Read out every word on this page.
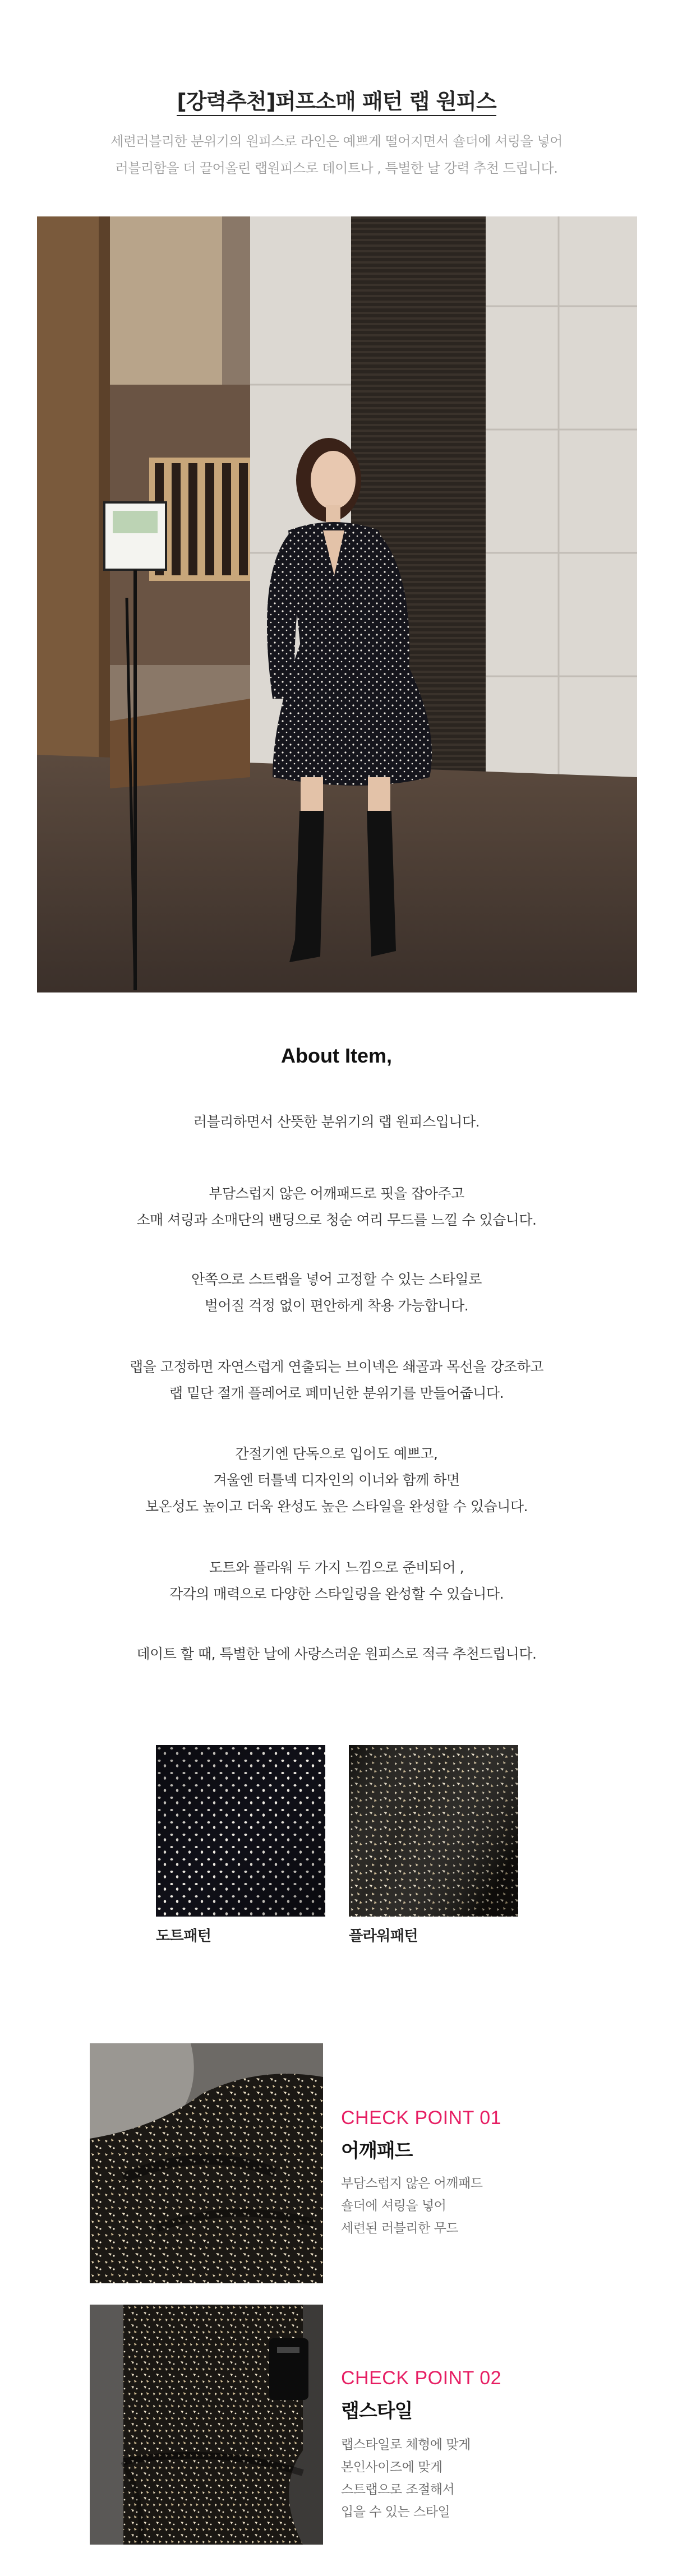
[강력추천]퍼프소매 패턴 랩 원피스
세련러블리한 분위기의 원피스로 라인은 예쁘게 떨어지면서 숄더에 셔링을 넣어
러블리함을 더 끌어올린 랩원피스로 데이트나 , 특별한 날 강력 추천 드립니다.
About Item,
러블리하면서 산뜻한 분위기의 랩 원피스입니다.
부담스럽지 않은 어깨패드로 핏을 잡아주고
소매 셔링과 소매단의 밴딩으로 청순 여리 무드를 느낄 수 있습니다.
안쪽으로 스트랩을 넣어 고정할 수 있는 스타일로
벌어질 걱정 없이 편안하게 착용 가능합니다.
랩을 고정하면 자연스럽게 연출되는 브이넥은 쇄골과 목선을 강조하고
랩 밑단 절개 플레어로 페미닌한 분위기를 만들어줍니다.
간절기엔 단독으로 입어도 예쁘고,
겨울엔 터틀넥 디자인의 이너와 함께 하면
보온성도 높이고 더욱 완성도 높은 스타일을 완성할 수 있습니다.
도트와 플라워 두 가지 느낌으로 준비되어 ,
각각의 매력으로 다양한 스타일링을 완성할 수 있습니다.
데이트 할 때, 특별한 날에 사랑스러운 원피스로 적극 추천드립니다.
도트패턴	플라워패턴
CHECK POINT 01
어깨패드
부담스럽지 않은 어깨패드
숄더에 셔링을 넣어
세련된 러블리한 무드
CHECK POINT 02
랩스타일
랩스타일로 체형에 맞게
본인사이즈에 맞게
스트랩으로 조절해서
입을 수 있는 스타일
